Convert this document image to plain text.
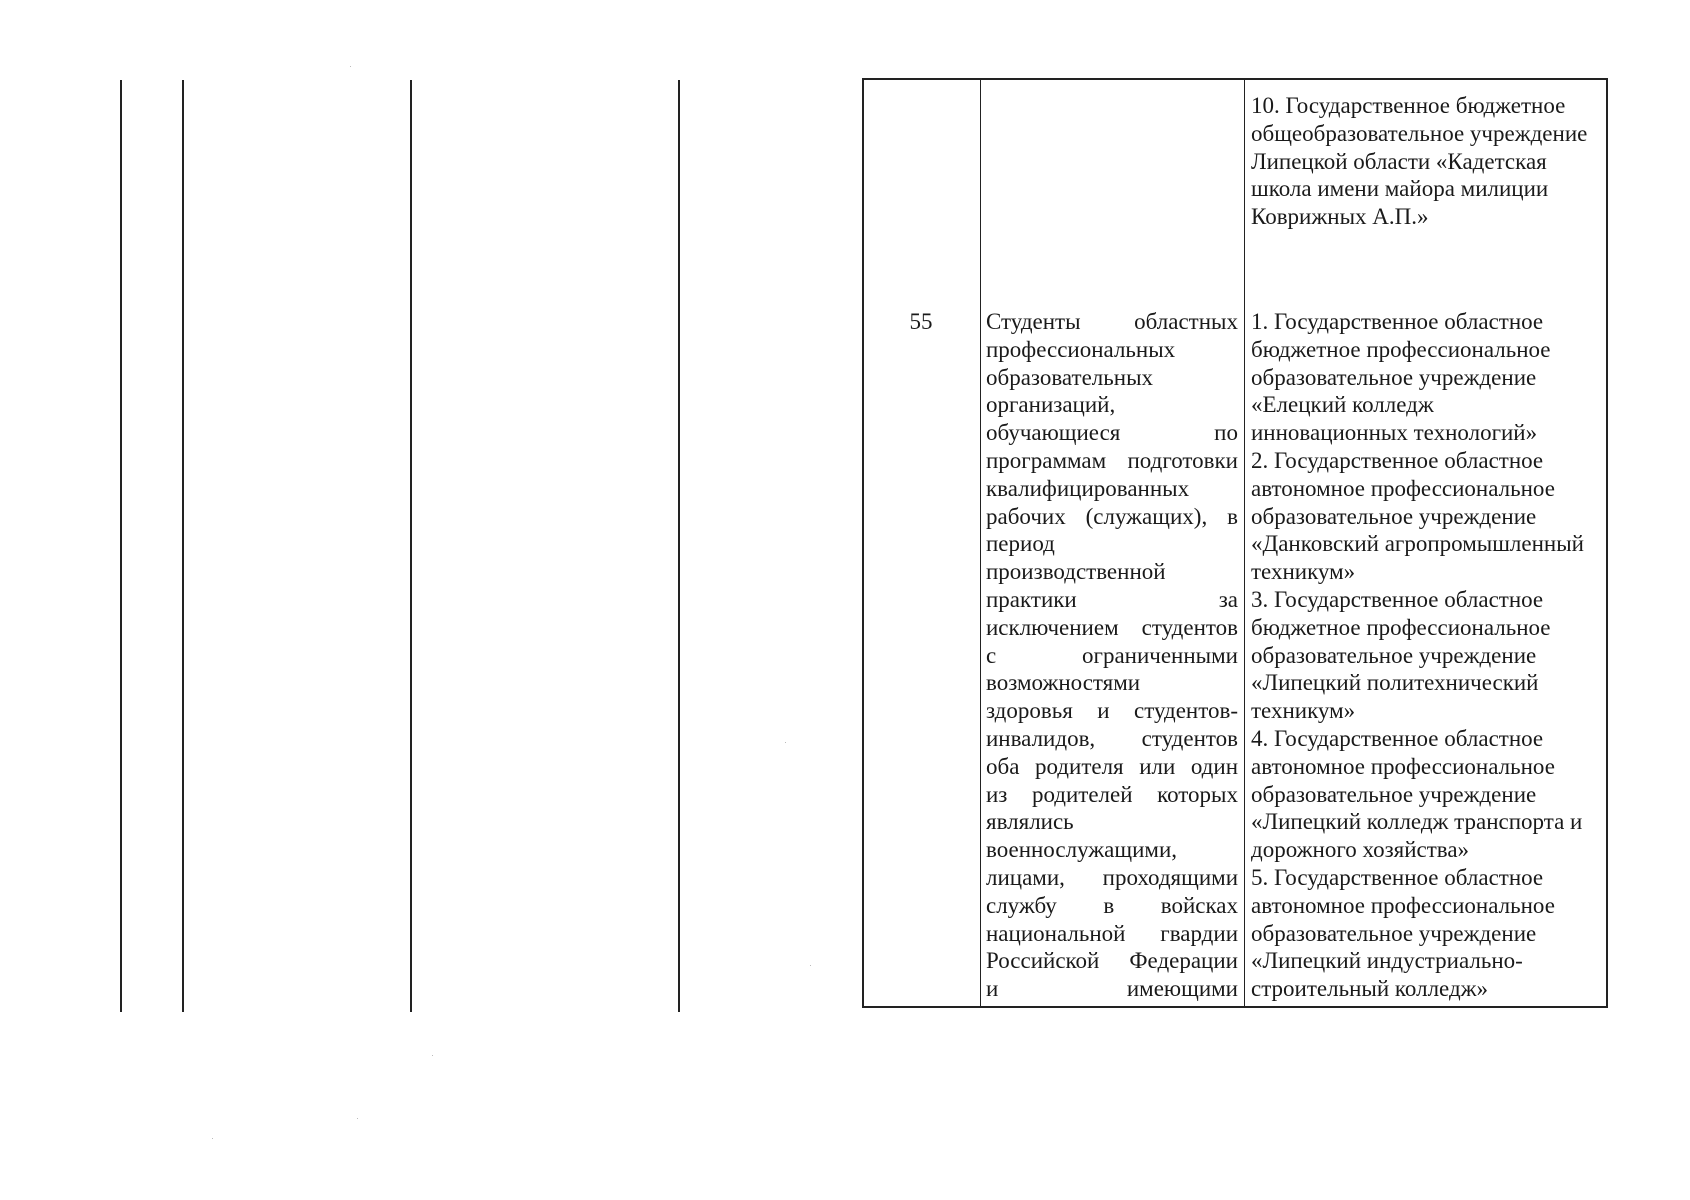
10. Государственное бюджетное
общеобразовательное учреждение
Липецкой области «Кадетская
школа имени майора милиции
Коврижных А.П.»
55	Студенты областных
профессиональных
образовательных
организаций,
обучающиеся по
программам подготовки
квалифицированных
рабочих (служащих), в
период
производственной
практики за
исключением студентов
с ограниченными
возможностями
здоровья и студентов-
инвалидов, студентов
оба родителя или один
из родителей которых
являлись
военнослужащими,
лицами, проходящими
службу в войсках
национальной гвардии
Российской Федерации
и имеющими
1. Государственное областное
бюджетное профессиональное
образовательное учреждение
«Елецкий колледж
инновационных технологий»
2. Государственное областное
автономное профессиональное
образовательное учреждение
«Данковский агропромышленный
техникум»
3. Государственное областное
бюджетное профессиональное
образовательное учреждение
«Липецкий политехнический
техникум»
4. Государственное областное
автономное профессиональное
образовательное учреждение
«Липецкий колледж транспорта и
дорожного хозяйства»
5. Государственное областное
автономное профессиональное
образовательное учреждение
«Липецкий индустриально-
строительный колледж»
